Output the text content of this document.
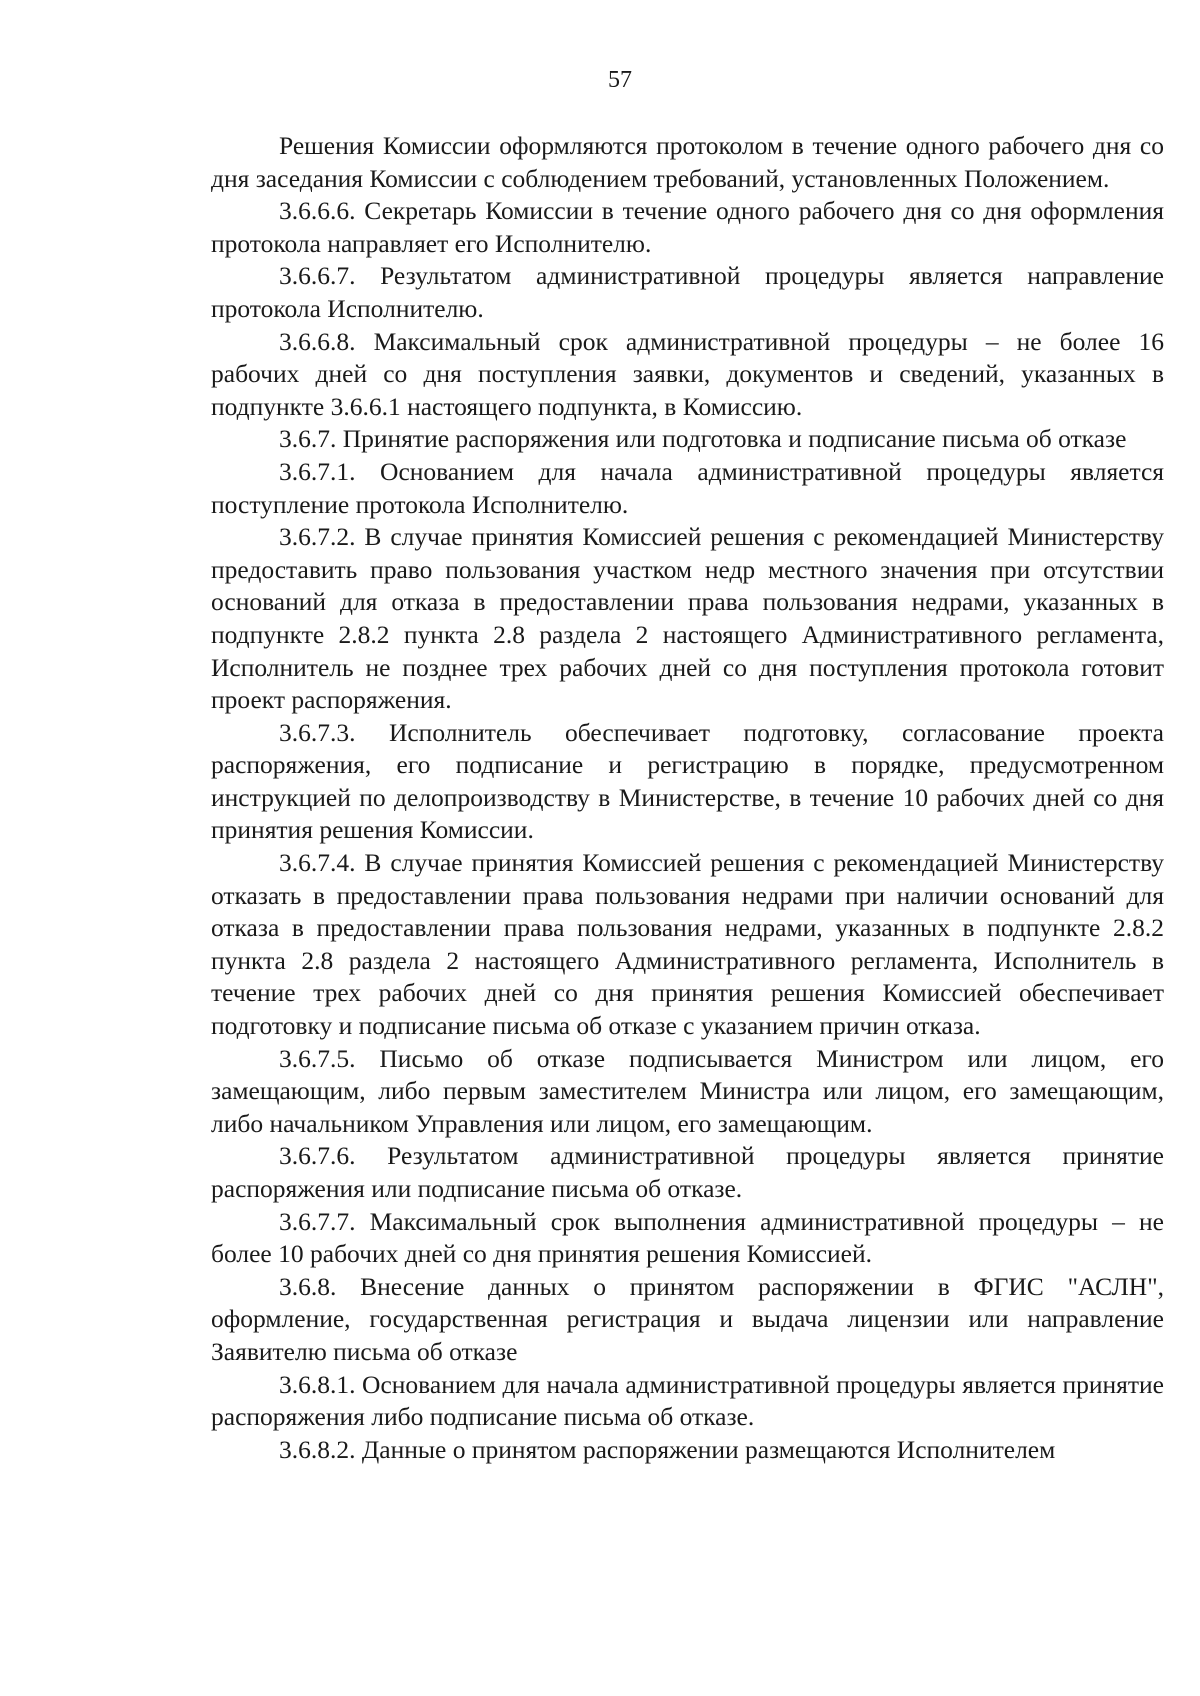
57

Решения Комиссии оформляются протоколом в течение одного рабочего дня со дня заседания Комиссии с соблюдением требований, установленных Положением.

3.6.6.6. Секретарь Комиссии в течение одного рабочего дня со дня оформления протокола направляет его Исполнителю.

3.6.6.7. Результатом административной процедуры является направление протокола Исполнителю.

3.6.6.8. Максимальный срок административной процедуры – не более 16 рабочих дней со дня поступления заявки, документов и сведений, указанных в подпункте 3.6.6.1 настоящего подпункта, в Комиссию.

3.6.7. Принятие распоряжения или подготовка и подписание письма об отказе

3.6.7.1. Основанием для начала административной процедуры является поступление протокола Исполнителю.

3.6.7.2. В случае принятия Комиссией решения с рекомендацией Министерству предоставить право пользования участком недр местного значения при отсутствии оснований для отказа в предоставлении права пользования недрами, указанных в подпункте 2.8.2 пункта 2.8 раздела 2 настоящего Административного регламента, Исполнитель не позднее трех рабочих дней со дня поступления протокола готовит проект распоряжения.

3.6.7.3. Исполнитель обеспечивает подготовку, согласование проекта распоряжения, его подписание и регистрацию в порядке, предусмотренном инструкцией по делопроизводству в Министерстве, в течение 10 рабочих дней со дня принятия решения Комиссии.

3.6.7.4. В случае принятия Комиссией решения с рекомендацией Министерству отказать в предоставлении права пользования недрами при наличии оснований для отказа в предоставлении права пользования недрами, указанных в подпункте 2.8.2 пункта 2.8 раздела 2 настоящего Административного регламента, Исполнитель в течение трех рабочих дней со дня принятия решения Комиссией обеспечивает подготовку и подписание письма об отказе с указанием причин отказа.

3.6.7.5. Письмо об отказе подписывается Министром или лицом, его замещающим, либо первым заместителем Министра или лицом, его замещающим, либо начальником Управления или лицом, его замещающим.

3.6.7.6. Результатом административной процедуры является принятие распоряжения или подписание письма об отказе.

3.6.7.7. Максимальный срок выполнения административной процедуры – не более 10 рабочих дней со дня принятия решения Комиссией.

3.6.8. Внесение данных о принятом распоряжении в ФГИС "АСЛН", оформление, государственная регистрация и выдача лицензии или направление Заявителю письма об отказе

3.6.8.1. Основанием для начала административной процедуры является принятие распоряжения либо подписание письма об отказе.

3.6.8.2. Данные о принятом распоряжении размещаются Исполнителем
